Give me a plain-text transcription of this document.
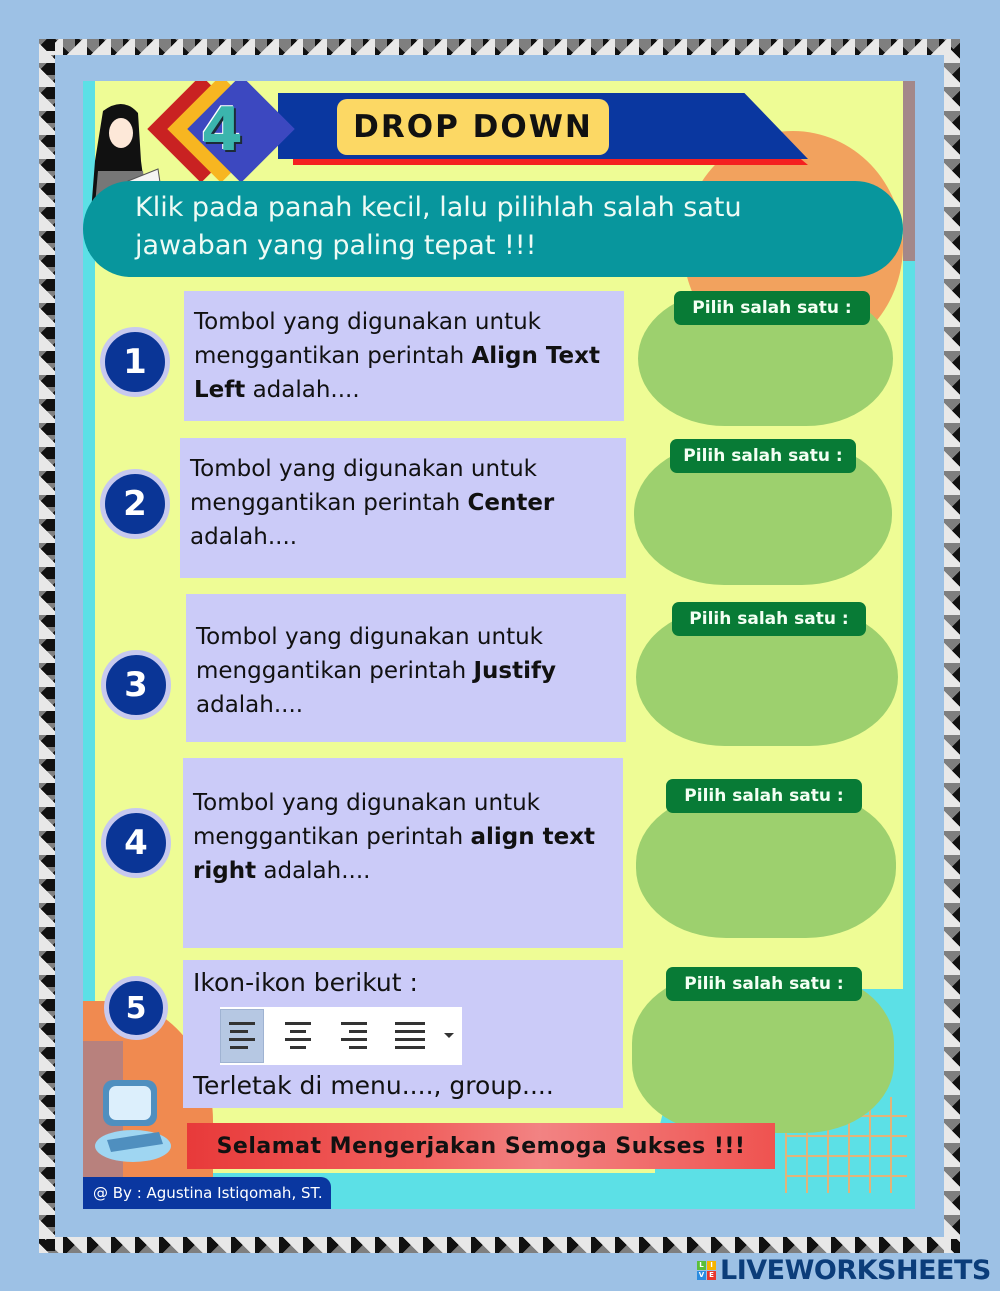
4	DROP DOWN
Klik pada panah kecil, lalu pilihlah salah satu jawaban yang paling tepat !!!
1
Tombol yang digunakan untuk menggantikan perintah Align Text Left adalah....
Pilih salah satu :
2
Tombol yang digunakan untuk menggantikan perintah Center adalah....
Pilih salah satu :
3
Tombol yang digunakan untuk menggantikan perintah Justify adalah....
Pilih salah satu :
4
Tombol yang digunakan untuk menggantikan perintah align text right adalah....
Pilih salah satu :
5
Ikon-ikon berikut :
Terletak di menu...., group....
Pilih salah satu :
Selamat Mengerjakan Semoga Sukses !!!
@ By : Agustina Istiqomah, ST.
L I
V E LIVEWORKSHEETS
